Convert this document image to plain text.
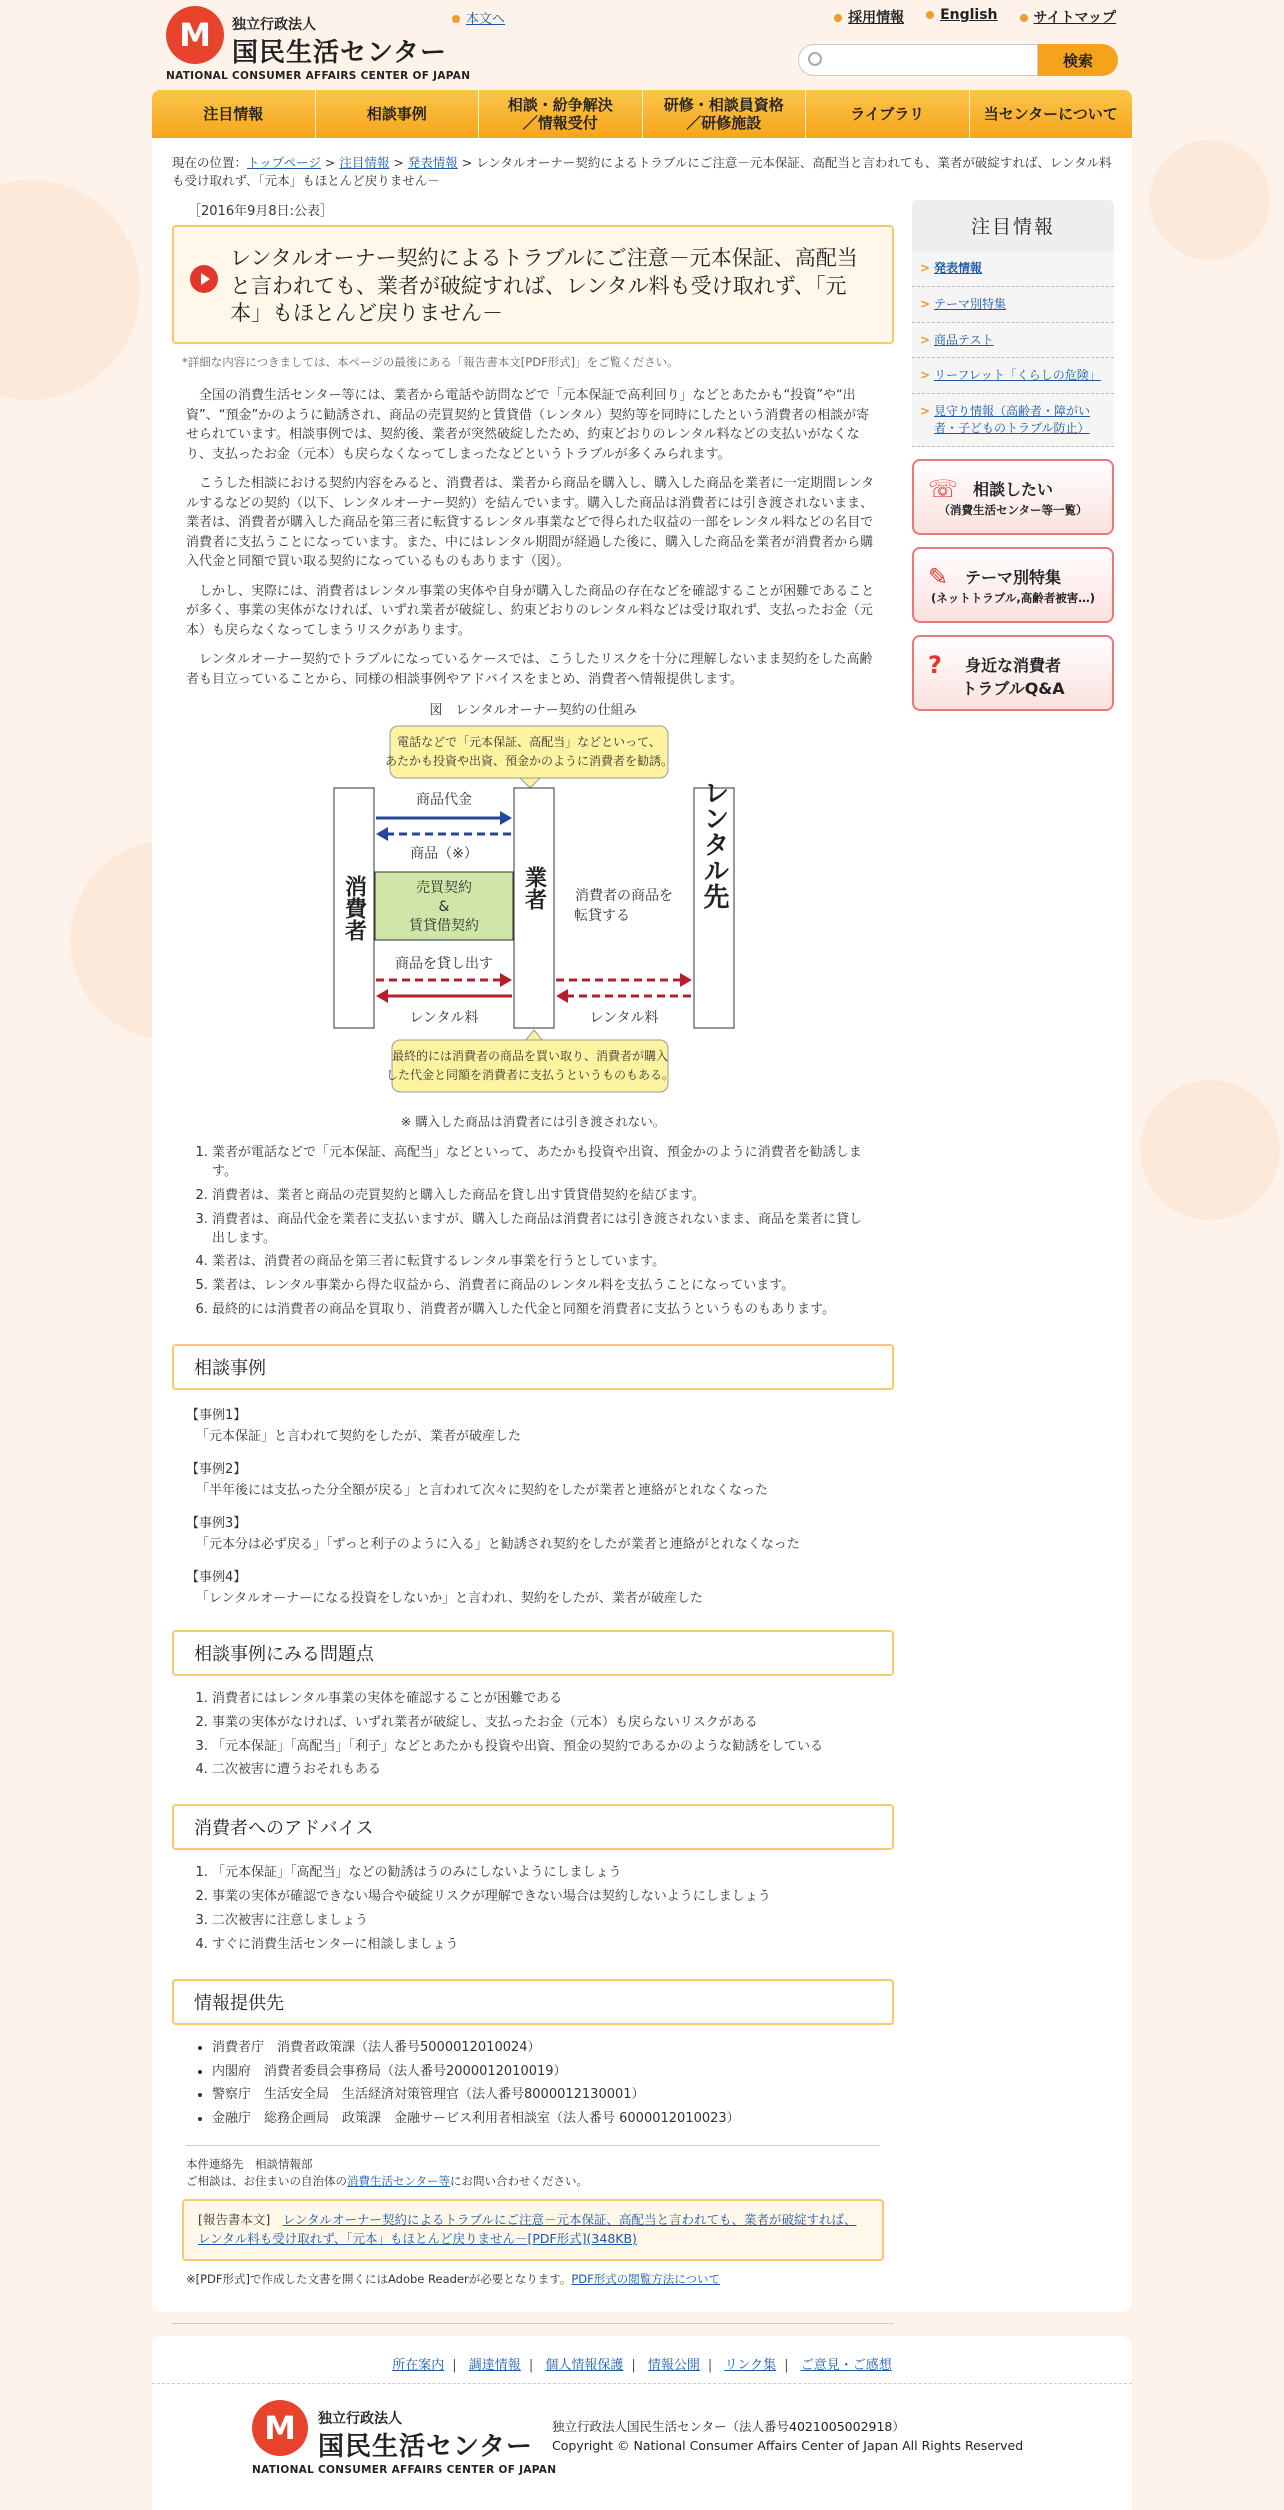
M	独立行政法人
国民生活センター
NATIONAL CONSUMER AFFAIRS CENTER OF JAPAN
本文へ	採用情報	English	サイトマップ
検索
注目情報	相談事例	相談・紛争解決
／情報受付
研修・相談員資格
／研修施設	ライブラリ	当センターについて
現在の位置：トップページ > 注目情報 > 発表情報 > レンタルオーナー契約によるトラブルにご注意－元本保証、高配当と言われても、業者が破綻すれば、レンタル料も受け取れず、「元本」もほとんど戻りません－
［2016年9月8日:公表］
レンタルオーナー契約によるトラブルにご注意－元本保証、高配当と言われても、業者が破綻すれば、レンタル料も受け取れず、「元本」もほとんど戻りません－
*詳細な内容につきましては、本ページの最後にある「報告書本文[PDF形式]」をご覧ください。

全国の消費生活センター等には、業者から電話や訪問などで「元本保証で高利回り」などとあたかも“投資”や“出資”、“預金”かのように勧誘され、商品の売買契約と賃貸借（レンタル）契約等を同時にしたという消費者の相談が寄せられています。相談事例では、契約後、業者が突然破綻したため、約束どおりのレンタル料などの支払いがなくなり、支払ったお金（元本）も戻らなくなってしまったなどというトラブルが多くみられます。

こうした相談における契約内容をみると、消費者は、業者から商品を購入し、購入した商品を業者に一定期間レンタルするなどの契約（以下、レンタルオーナー契約）を結んでいます。購入した商品は消費者には引き渡されないまま、業者は、消費者が購入した商品を第三者に転貸するレンタル事業などで得られた収益の一部をレンタル料などの名目で消費者に支払うことになっています。また、中にはレンタル期間が経過した後に、購入した商品を業者が消費者から購入代金と同額で買い取る契約になっているものもあります（図）。

しかし、実際には、消費者はレンタル事業の実体や自身が購入した商品の存在などを確認することが困難であることが多く、事業の実体がなければ、いずれ業者が破綻し、約束どおりのレンタル料などは受け取れず、支払ったお金（元本）も戻らなくなってしまうリスクがあります。

レンタルオーナー契約でトラブルになっているケースでは、こうしたリスクを十分に理解しないまま契約をした高齢者も目立っていることから、同様の相談事例やアドバイスをまとめ、消費者へ情報提供します。

図　レンタルオーナー契約の仕組み
電話などで「元本保証、高配当」などといって、
あたかも投資や出資、預金かのように消費者を勧誘。
消費者	業者	レンタル先
商品代金
商品（※）
売買契約
&
賃貸借契約
商品を貸し出す
レンタル料
消費者の商品を
転貸する
レンタル料
最終的には消費者の商品を買い取り、消費者が購入
した代金と同額を消費者に支払うというものもある。
※ 購入した商品は消費者には引き渡されない。
1. 業者が電話などで「元本保証、高配当」などといって、あたかも投資や出資、預金かのように消費者を勧誘します。
2. 消費者は、業者と商品の売買契約と購入した商品を貸し出す賃貸借契約を結びます。
3. 消費者は、商品代金を業者に支払いますが、購入した商品は消費者には引き渡されないまま、商品を業者に貸し出します。
4. 業者は、消費者の商品を第三者に転貸するレンタル事業を行うとしています。
5. 業者は、レンタル事業から得た収益から、消費者に商品のレンタル料を支払うことになっています。
6. 最終的には消費者の商品を買取り、消費者が購入した代金と同額を消費者に支払うというものもあります。
相談事例
【事例1】
「元本保証」と言われて契約をしたが、業者が破産した
【事例2】
「半年後には支払った分全額が戻る」と言われて次々に契約をしたが業者と連絡がとれなくなった
【事例3】
「元本分は必ず戻る」「ずっと利子のように入る」と勧誘され契約をしたが業者と連絡がとれなくなった
【事例4】
「レンタルオーナーになる投資をしないか」と言われ、契約をしたが、業者が破産した
相談事例にみる問題点
1. 消費者にはレンタル事業の実体を確認することが困難である
2. 事業の実体がなければ、いずれ業者が破綻し、支払ったお金（元本）も戻らないリスクがある
3. 「元本保証」「高配当」「利子」などとあたかも投資や出資、預金の契約であるかのような勧誘をしている
4. 二次被害に遭うおそれもある
消費者へのアドバイス
1. 「元本保証」「高配当」などの勧誘はうのみにしないようにしましょう
2. 事業の実体が確認できない場合や破綻リスクが理解できない場合は契約しないようにしましょう
3. 二次被害に注意しましょう
4. すぐに消費生活センターに相談しましょう
情報提供先
• 消費者庁　消費者政策課（法人番号5000012010024）
• 内閣府　消費者委員会事務局（法人番号2000012010019）
• 警察庁　生活安全局　生活経済対策管理官（法人番号8000012130001）
• 金融庁　総務企画局　政策課　金融サービス利用者相談室（法人番号 6000012010023）
本件連絡先　相談情報部
ご相談は、お住まいの自治体の消費生活センター等にお問い合わせください。
[報告書本文]　 レンタルオーナー契約によるトラブルにご注意－元本保証、高配当と言われても、業者が破綻すれば、レンタル料も受け取れず、「元本」もほとんど戻りません－[PDF形式](348KB)
※[PDF形式]で作成した文書を開くにはAdobe Readerが必要となります。PDF形式の閲覧方法について
注目情報
> 発表情報
> テーマ別特集
> 商品テスト
> リーフレット「くらしの危険」
> 見守り情報（高齢者・障がい者・子どものトラブル防止）
☏ 相談したい
（消費生活センター等一覧）
✎	テーマ別特集
(ネットトラブル,高齢者被害…)
?	身近な消費者
トラブルQ&A
所在案内 | 調達情報 | 個人情報保護 | 情報公開 | リンク集 | ご意見・ご感想
M	独立行政法人
国民生活センター
NATIONAL CONSUMER AFFAIRS CENTER OF JAPAN
独立行政法人国民生活センター（法人番号4021005002918）
Copyright © National Consumer Affairs Center of Japan All Rights Reserved
